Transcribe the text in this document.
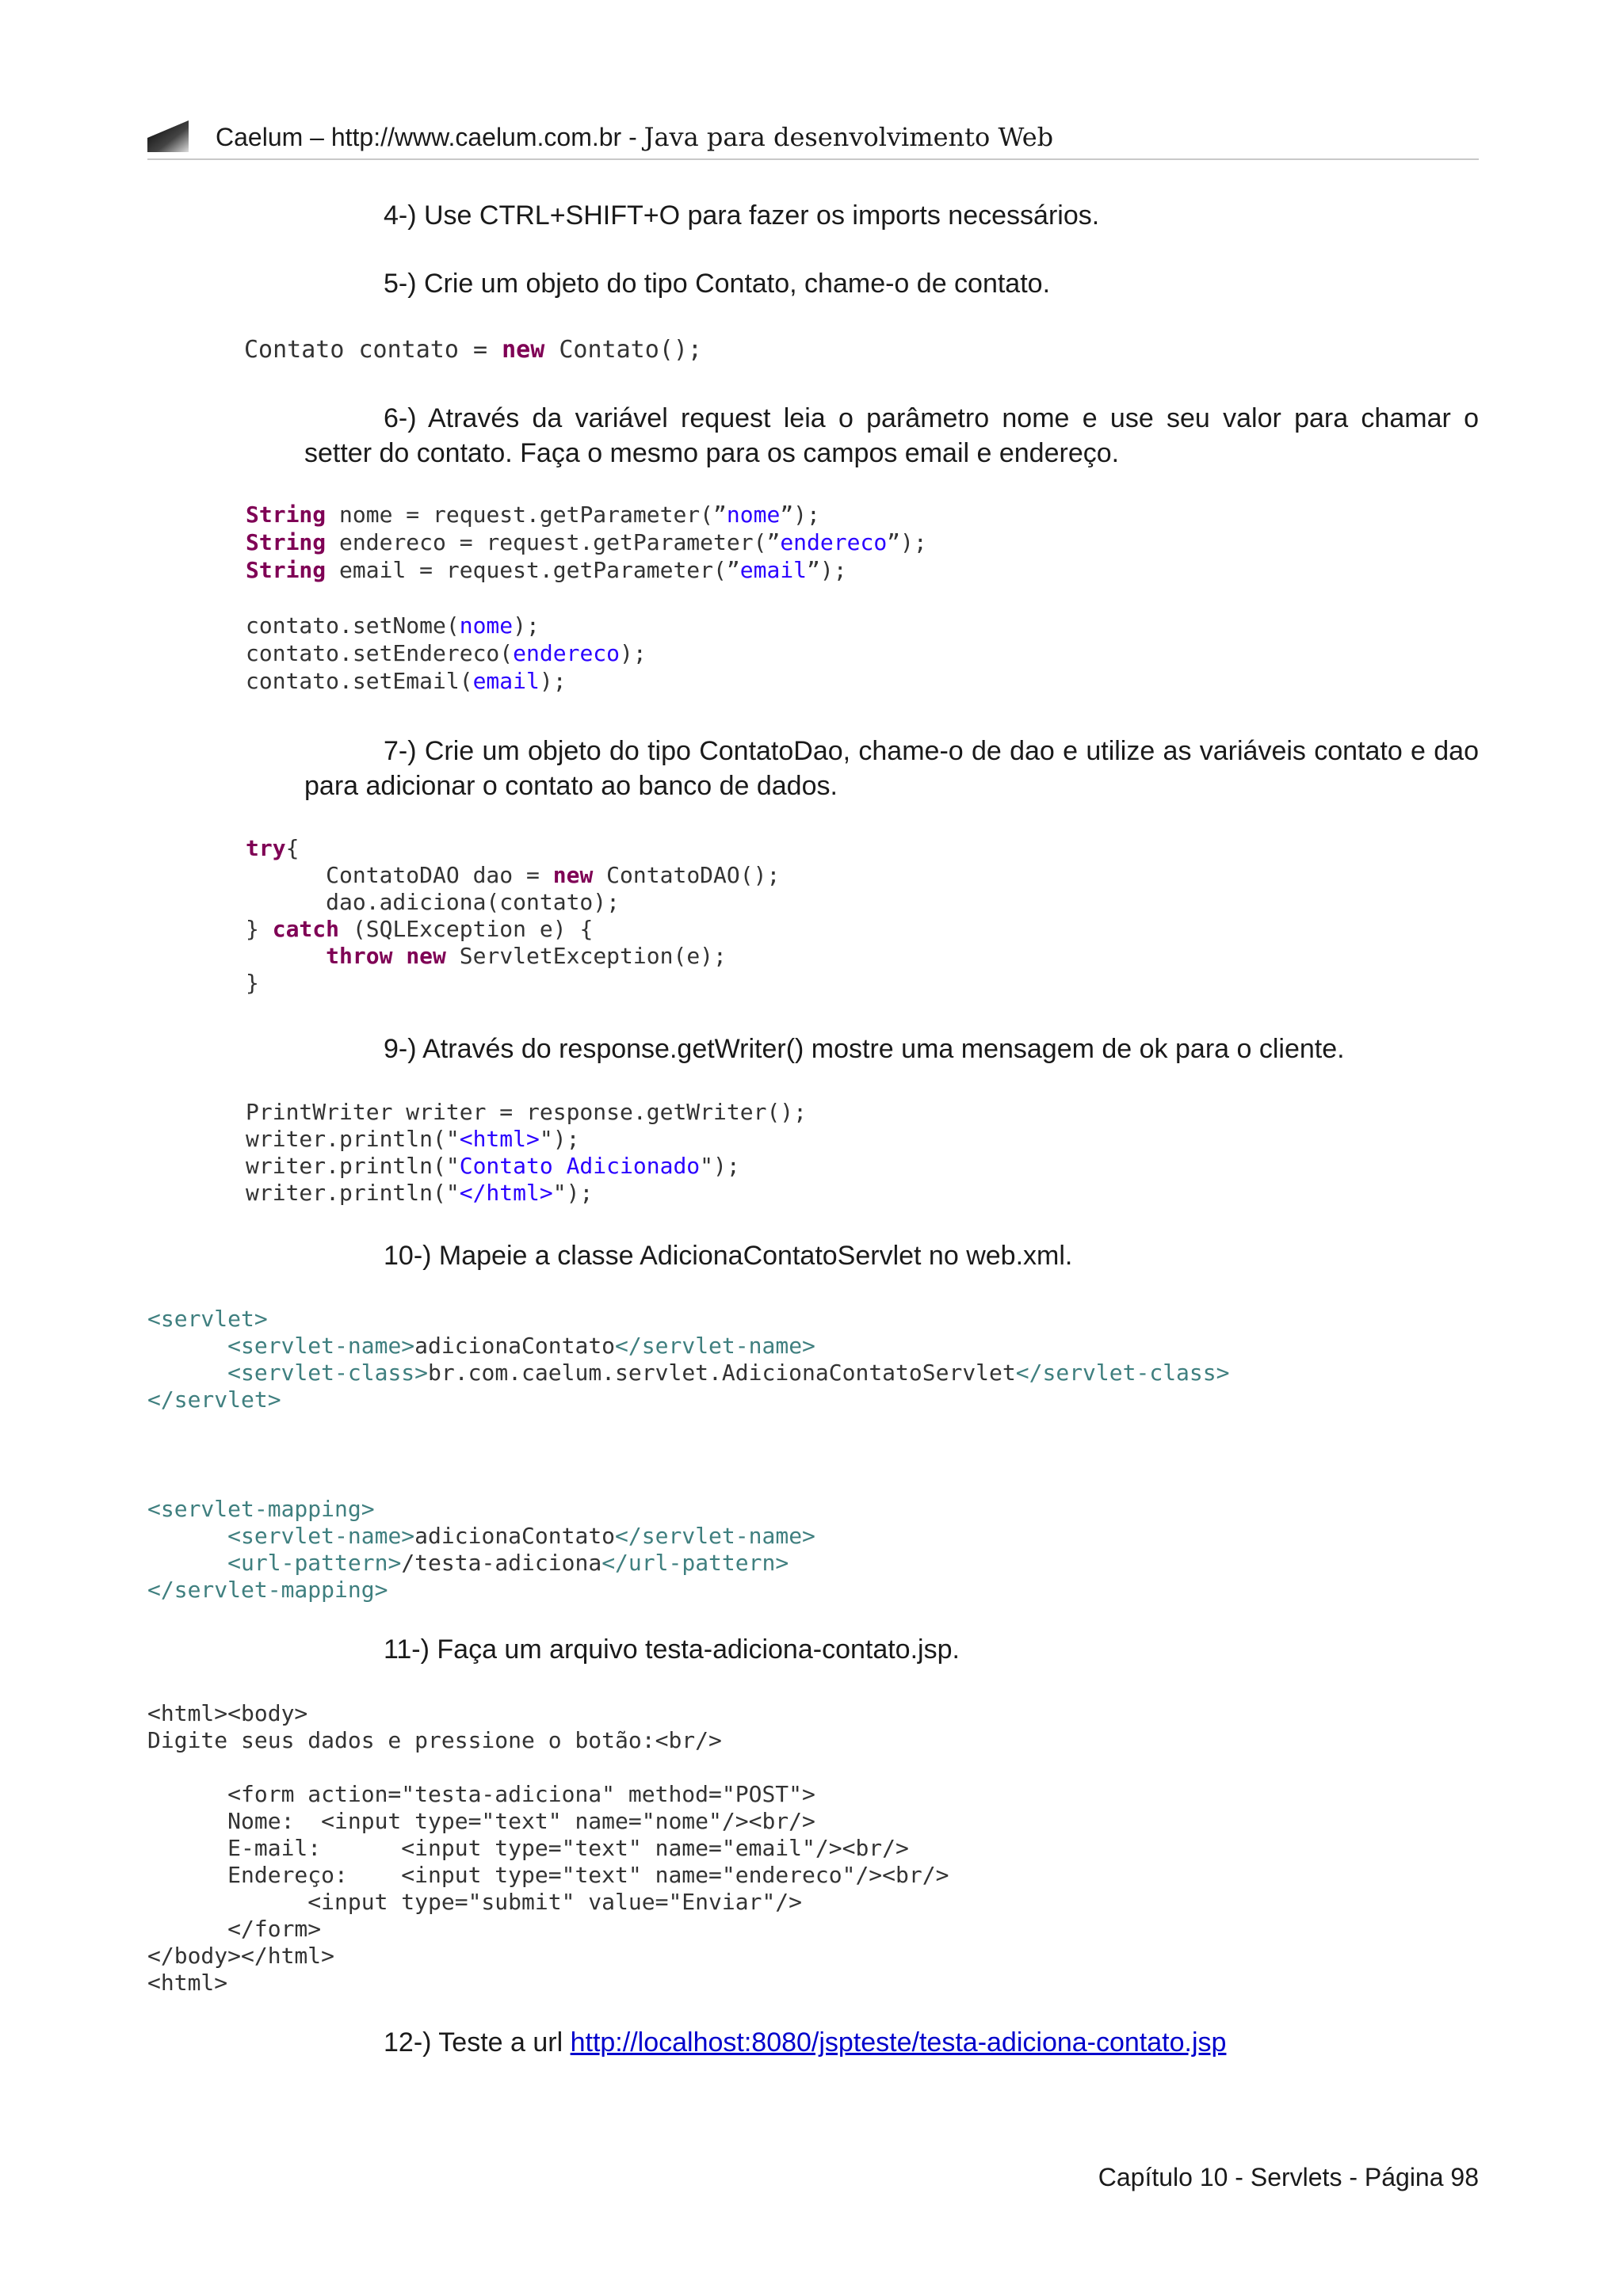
Caelum – http://www.caelum.com.br - Java para desenvolvimento Web
4-) Use CTRL+SHIFT+O para fazer os imports necessários.
5-) Crie um objeto do tipo Contato, chame-o de contato.
Contato contato = new Contato();
6-) Através da variável request leia o parâmetro nome e use seu valor para chamar o
setter do contato. Faça o mesmo para os campos email e endereço.
String nome = request.getParameter(”nome”);
String endereco = request.getParameter(”endereco”);
String email = request.getParameter(”email”);

contato.setNome(nome);
contato.setEndereco(endereco);
contato.setEmail(email);
7-) Crie um objeto do tipo ContatoDao, chame-o de dao e utilize as variáveis contato e dao
para adicionar o contato ao banco de dados.
try{
ContatoDAO dao = new ContatoDAO();
dao.adiciona(contato);
} catch (SQLException e) {
throw new ServletException(e);
}
9-) Através do response.getWriter() mostre uma mensagem de ok para o cliente.
PrintWriter writer = response.getWriter();
writer.println("<html>");
writer.println("Contato Adicionado");
writer.println("</html>");
10-) Mapeie a classe AdicionaContatoServlet no web.xml.
<servlet>
<servlet-name>adicionaContato</servlet-name>
<servlet-class>br.com.caelum.servlet.AdicionaContatoServlet</servlet-class>
</servlet>
<servlet-mapping>
<servlet-name>adicionaContato</servlet-name>
<url-pattern>/testa-adiciona</url-pattern>
</servlet-mapping>
11-) Faça um arquivo testa-adiciona-contato.jsp.
<html><body>
Digite seus dados e pressione o botão:<br/>

<form action="testa-adiciona" method="POST">
Nome:  <input type="text" name="nome"/><br/>
E-mail:      <input type="text" name="email"/><br/>
Endereço:    <input type="text" name="endereco"/><br/>
<input type="submit" value="Enviar"/>
</form>
</body></html>
<html>
12-) Teste a url http://localhost:8080/jspteste/testa-adiciona-contato.jsp
Capítulo 10 - Servlets - Página 98
